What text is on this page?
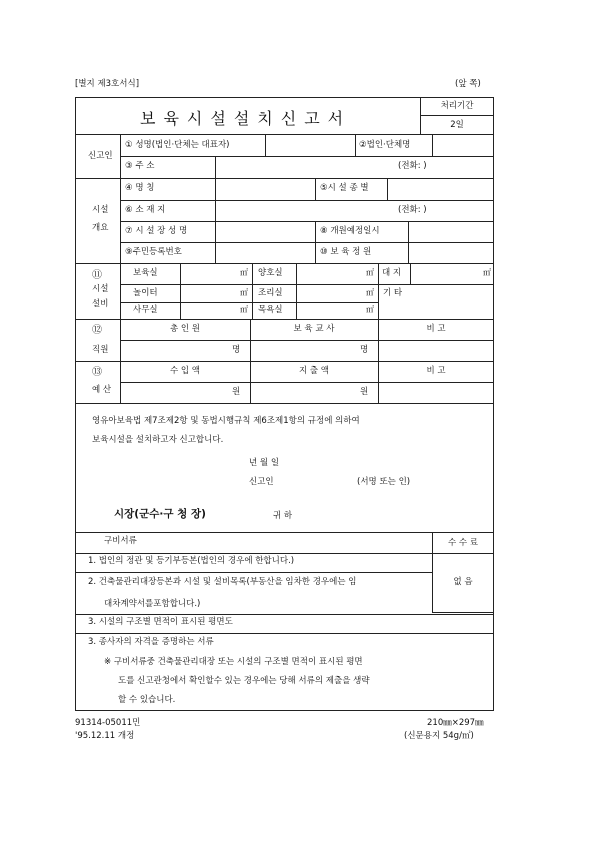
[별지 제3호서식]	(앞 쪽)
보육시설설치신고서
처리기간
2일
신고인
① 성명(법인·단체는 대표자)	②법인·단체명
③ 주 소	(전화: )
시설
개요
④ 명 칭	⑤시 설 종 별
⑥ 소 재 지	(전화: )
⑦ 시 설 장 성 명	⑧ 개원예정일시
⑨주민등록번호	⑩ 보 육 정 원
⑪
시설
설비
보육실	㎡ 양호실	㎡ 대 지	㎡
놀이터	㎡ 조리실	㎡ 기 타
사무실	㎡ 목욕실	㎡
⑫
직원
총 인 원	보 육 교 사	비 고
명	명
⑬
예 산
수 입 액	지 출 액	비 고
원	원
영유아보육법 제7조제2항 및 동법시행규칙 제6조제1항의 규정에 의하여
보육시설을 설치하고자 신고합니다.
년 월 일
신고인	(서명 또는 인)
시장(군수·구 청 장)	귀 하
구비서류	수 수 료
없 음
1. 법인의 정관 및 등기부등본(법인의 경우에 한합니다.)
2. 건축물관리대장등본과 시설 및 설비목록(부동산을 임차한 경우에는 임
대차계약서를포함합니다.)
3. 시설의 구조별 면적이 표시된 평면도
3. 종사자의 자격을 증명하는 서류
※ 구비서류중 건축물관리대장 또는 시설의 구조별 면적이 표시된 평면
도를 신고관청에서 확인할수 있는 경우에는 당해 서류의 제출을 생략
할 수 있습니다.
91314-05011민
'95.12.11 개정
210㎜×297㎜
(신문용지 54g/㎡)
